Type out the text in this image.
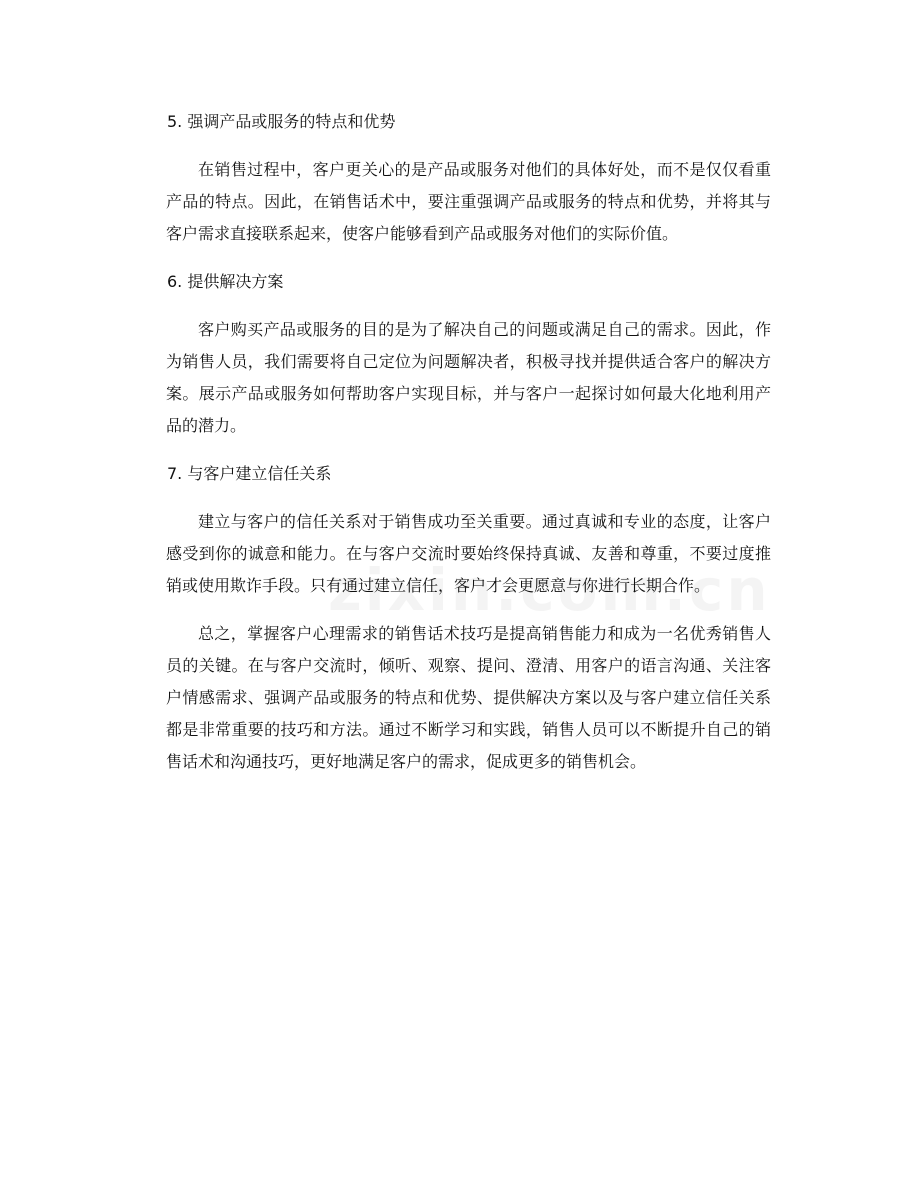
5. 强调产品或服务的特点和优势

在销售过程中，客户更关心的是产品或服务对他们的具体好处，而不是仅仅看重产品的特点。因此，在销售话术中，要注重强调产品或服务的特点和优势，并将其与客户需求直接联系起来，使客户能够看到产品或服务对他们的实际价值。

6. 提供解决方案

客户购买产品或服务的目的是为了解决自己的问题或满足自己的需求。因此，作为销售人员，我们需要将自己定位为问题解决者，积极寻找并提供适合客户的解决方案。展示产品或服务如何帮助客户实现目标，并与客户一起探讨如何最大化地利用产品的潜力。

7. 与客户建立信任关系

建立与客户的信任关系对于销售成功至关重要。通过真诚和专业的态度，让客户感受到你的诚意和能力。在与客户交流时要始终保持真诚、友善和尊重，不要过度推销或使用欺诈手段。只有通过建立信任，客户才会更愿意与你进行长期合作。

总之，掌握客户心理需求的销售话术技巧是提高销售能力和成为一名优秀销售人员的关键。在与客户交流时，倾听、观察、提问、澄清、用客户的语言沟通、关注客户情感需求、强调产品或服务的特点和优势、提供解决方案以及与客户建立信任关系都是非常重要的技巧和方法。通过不断学习和实践，销售人员可以不断提升自己的销售话术和沟通技巧，更好地满足客户的需求，促成更多的销售机会。
